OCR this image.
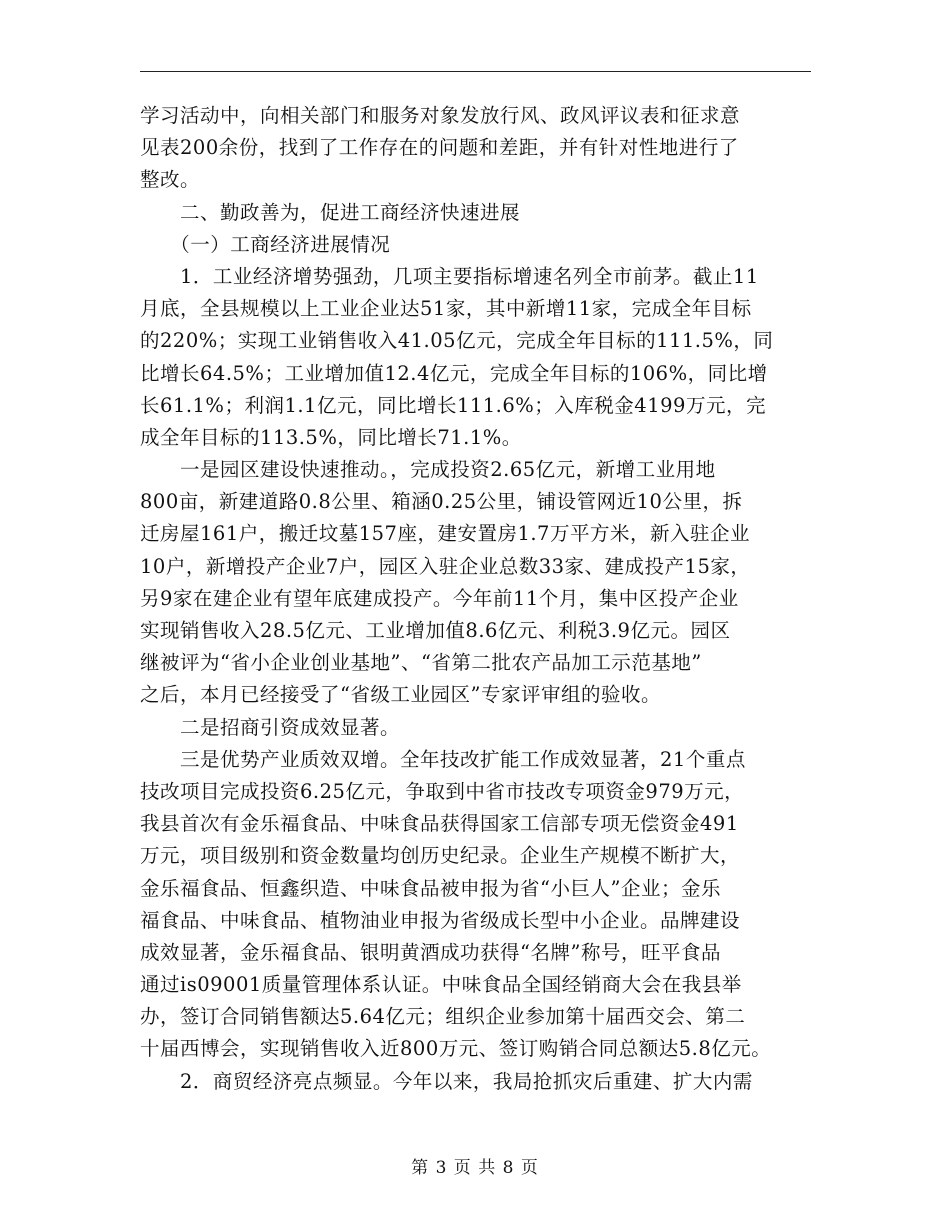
学习活动中，向相关部门和服务对象发放行风、政风评议表和征求意
见表200余份，找到了工作存在的问题和差距，并有针对性地进行了
整改。
　　二、勤政善为，促进工商经济快速进展
　　（一）工商经济进展情况
　　1．工业经济增势强劲，几项主要指标增速名列全市前茅。截止11
月底，全县规模以上工业企业达51家，其中新增11家，完成全年目标
的220%；实现工业销售收入41.05亿元，完成全年目标的111.5%，同
比增长64.5%；工业增加值12.4亿元，完成全年目标的106%，同比增
长61.1%；利润1.1亿元，同比增长111.6%；入库税金4199万元，完
成全年目标的113.5%，同比增长71.1%。
　　一是园区建设快速推动。，完成投资2.65亿元，新增工业用地
800亩，新建道路0.8公里、箱涵0.25公里，铺设管网近10公里，拆
迁房屋161户，搬迁坟墓157座，建安置房1.7万平方米，新入驻企业
10户，新增投产企业7户，园区入驻企业总数33家、建成投产15家，
另9家在建企业有望年底建成投产。今年前11个月，集中区投产企业
实现销售收入28.5亿元、工业增加值8.6亿元、利税3.9亿元。园区
继被评为“省小企业创业基地”、“省第二批农产品加工示范基地”
之后，本月已经接受了“省级工业园区”专家评审组的验收。
　　二是招商引资成效显著。
　　三是优势产业质效双增。全年技改扩能工作成效显著，21个重点
技改项目完成投资6.25亿元，争取到中省市技改专项资金979万元，
我县首次有金乐福食品、中味食品获得国家工信部专项无偿资金491
万元，项目级别和资金数量均创历史纪录。企业生产规模不断扩大，
金乐福食品、恒鑫织造、中味食品被申报为省“小巨人”企业；金乐
福食品、中味食品、植物油业申报为省级成长型中小企业。品牌建设
成效显著，金乐福食品、银明黄酒成功获得“名牌”称号，旺平食品
通过is09001质量管理体系认证。中味食品全国经销商大会在我县举
办，签订合同销售额达5.64亿元；组织企业参加第十届西交会、第二
十届西博会，实现销售收入近800万元、签订购销合同总额达5.8亿元。
　　2．商贸经济亮点频显。今年以来，我局抢抓灾后重建、扩大内需
第 3 页 共 8 页
